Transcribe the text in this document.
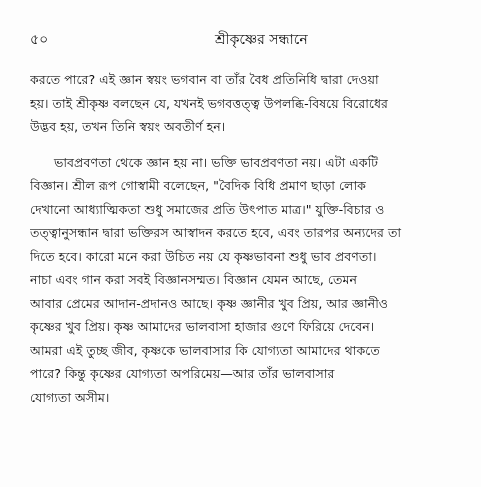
৫০	শ্রীকৃষ্ণের সন্ধানে
করতে পারে? এই জ্ঞান স্বয়ং ভগবান বা তাঁর বৈধ প্রতিনিধি দ্বারা দেওয়া
হয়। তাই শ্রীকৃষ্ণ বলছেন যে, যখনই ভগবত্তত্ত্ব উপলব্ধি-বিষয়ে বিরোধের
উদ্ভব হয়, তখন তিনি স্বয়ং অবতীর্ণ হন।
ভাবপ্রবণতা থেকে জ্ঞান হয় না। ভক্তি ভাবপ্রবণতা নয়। এটা একটি
বিজ্ঞান। শ্রীল রূপ গোস্বামী বলেছেন, "বৈদিক বিধি প্রমাণ ছাড়া লোক
দেখানো আধ্যাত্মিকতা শুধু সমাজের প্রতি উৎপাত মাত্র।" যুক্তি-বিচার ও
তত্ত্বানুসন্ধান দ্বারা ভক্তিরস আস্বাদন করতে হবে, এবং তারপর অন্যদের তা
দিতে হবে। কারো মনে করা উচিত নয় যে কৃষ্ণভাবনা শুধু ভাব প্রবণতা।
নাচা এবং গান করা সবই বিজ্ঞানসম্মত। বিজ্ঞান যেমন আছে, তেমন
আবার প্রেমের আদান-প্রদানও আছে। কৃষ্ণ জ্ঞানীর খুব প্রিয়, আর জ্ঞানীও
কৃষ্ণের খুব প্রিয়। কৃষ্ণ আমাদের ভালবাসা হাজার গুণে ফিরিয়ে দেবেন।
আমরা এই তুচ্ছ জীব, কৃষ্ণকে ভালবাসার কি যোগ্যতা আমাদের থাকতে
পারে? কিন্তু কৃষ্ণের যোগ্যতা অপরিমেয়—আর তাঁর ভালবাসার
যোগ্যতা অসীম।
